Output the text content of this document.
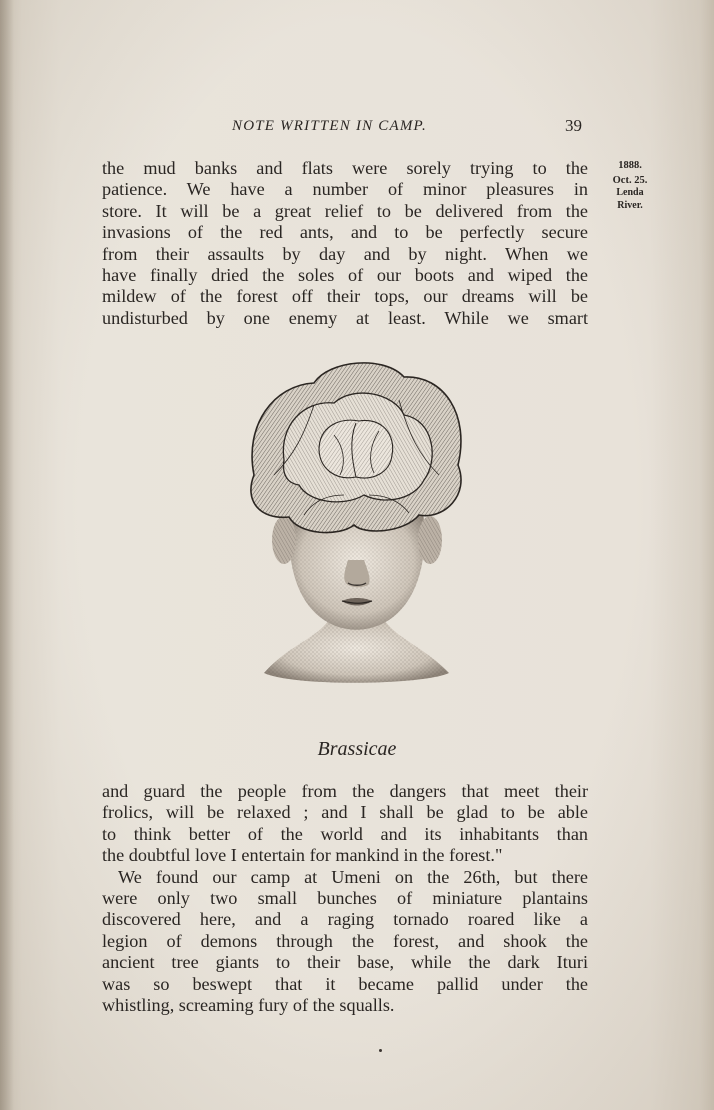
NOTE WRITTEN IN CAMP.	39
1888.
Oct. 25.
Lenda
River.
the mud banks and flats were sorely trying to the
patience. We have a number of minor pleasures in
store. It will be a great relief to be delivered from the
invasions of the red ants, and to be perfectly secure
from their assaults by day and by night. When we
have finally dried the soles of our boots and wiped the
mildew of the forest off their tops, our dreams will be
undisturbed by one enemy at least. While we smart
Brassicae
and guard the people from the dangers that meet their
frolics, will be relaxed ; and I shall be glad to be able
to think better of the world and its inhabitants than
the doubtful love I entertain for mankind in the forest."
We found our camp at Umeni on the 26th, but there
were only two small bunches of miniature plantains
discovered here, and a raging tornado roared like a
legion of demons through the forest, and shook the
ancient tree giants to their base, while the dark Ituri
was so beswept that it became pallid under the
whistling, screaming fury of the squalls.
